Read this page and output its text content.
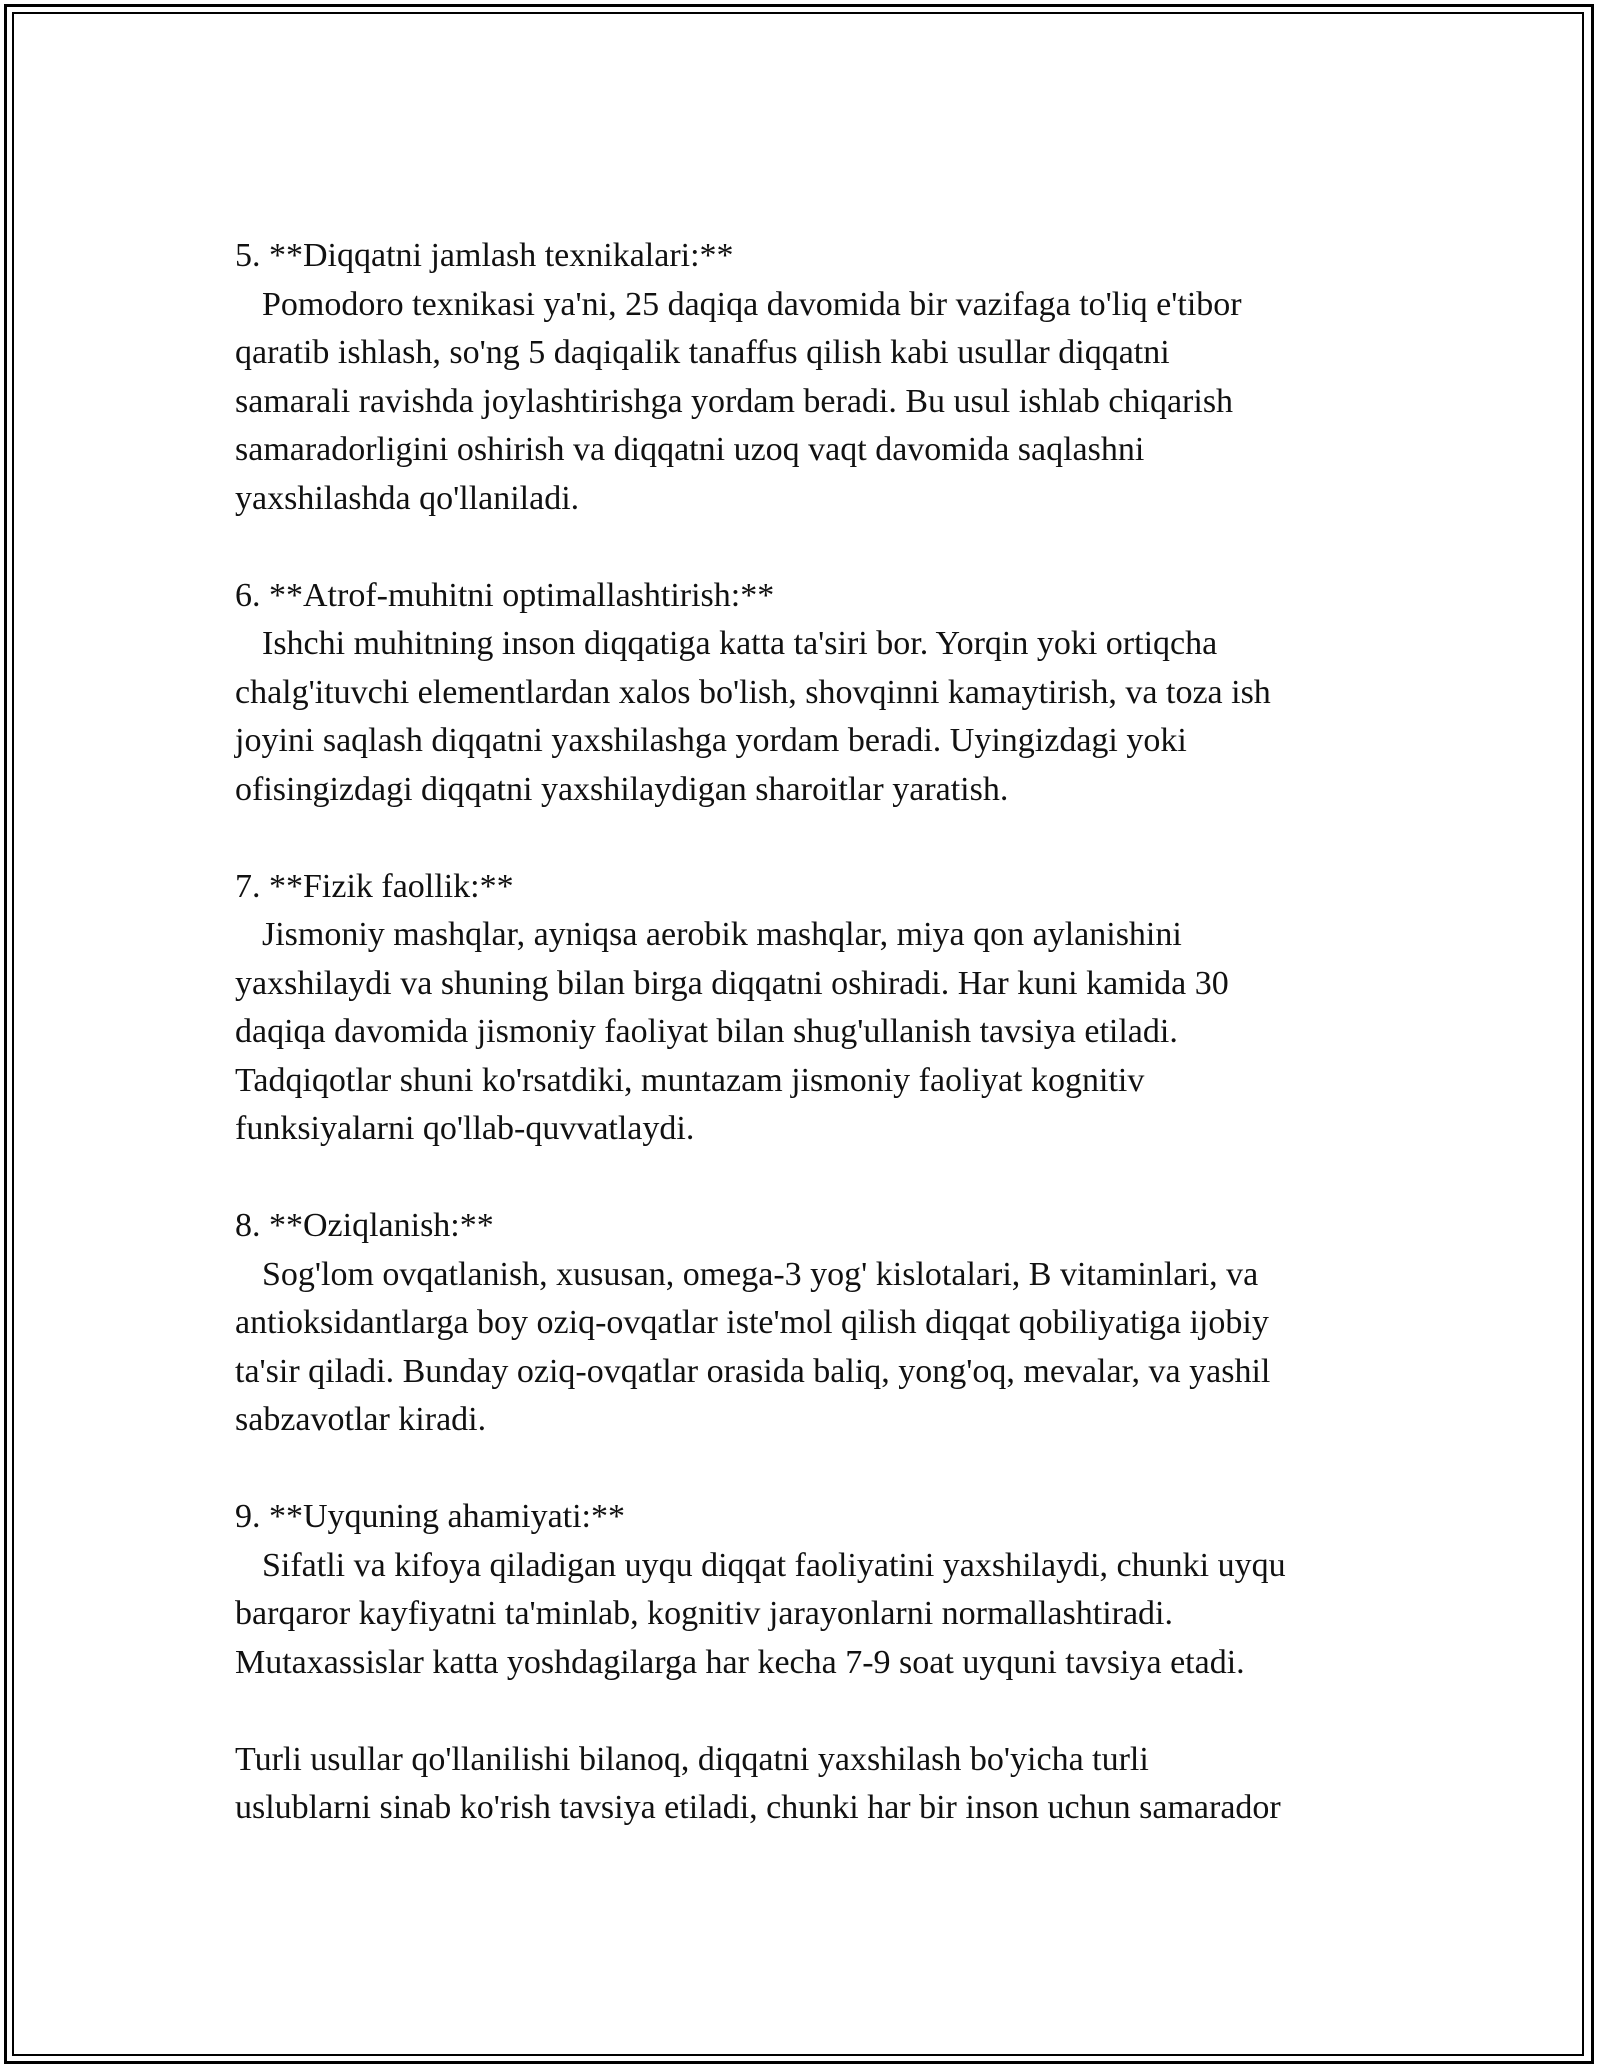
5. **Diqqatni jamlash texnikalari:**

Pomodoro texnikasi ya'ni, 25 daqiqa davomida bir vazifaga to'liq e'tibor
qaratib ishlash, so'ng 5 daqiqalik tanaffus qilish kabi usullar diqqatni
samarali ravishda joylashtirishga yordam beradi. Bu usul ishlab chiqarish
samaradorligini oshirish va diqqatni uzoq vaqt davomida saqlashni
yaxshilashda qo'llaniladi.

6. **Atrof-muhitni optimallashtirish:**

Ishchi muhitning inson diqqatiga katta ta'siri bor. Yorqin yoki ortiqcha
chalg'ituvchi elementlardan xalos bo'lish, shovqinni kamaytirish, va toza ish
joyini saqlash diqqatni yaxshilashga yordam beradi. Uyingizdagi yoki
ofisingizdagi diqqatni yaxshilaydigan sharoitlar yaratish.

7. **Fizik faollik:**

Jismoniy mashqlar, ayniqsa aerobik mashqlar, miya qon aylanishini
yaxshilaydi va shuning bilan birga diqqatni oshiradi. Har kuni kamida 30
daqiqa davomida jismoniy faoliyat bilan shug'ullanish tavsiya etiladi.
Tadqiqotlar shuni ko'rsatdiki, muntazam jismoniy faoliyat kognitiv
funksiyalarni qo'llab-quvvatlaydi.

8. **Oziqlanish:**

Sog'lom ovqatlanish, xususan, omega-3 yog' kislotalari, B vitaminlari, va
antioksidantlarga boy oziq-ovqatlar iste'mol qilish diqqat qobiliyatiga ijobiy
ta'sir qiladi. Bunday oziq-ovqatlar orasida baliq, yong'oq, mevalar, va yashil
sabzavotlar kiradi.

9. **Uyquning ahamiyati:**

Sifatli va kifoya qiladigan uyqu diqqat faoliyatini yaxshilaydi, chunki uyqu
barqaror kayfiyatni ta'minlab, kognitiv jarayonlarni normallashtiradi.
Mutaxassislar katta yoshdagilarga har kecha 7-9 soat uyquni tavsiya etadi.

Turli usullar qo'llanilishi bilanoq, diqqatni yaxshilash bo'yicha turli
uslublarni sinab ko'rish tavsiya etiladi, chunki har bir inson uchun samarador
